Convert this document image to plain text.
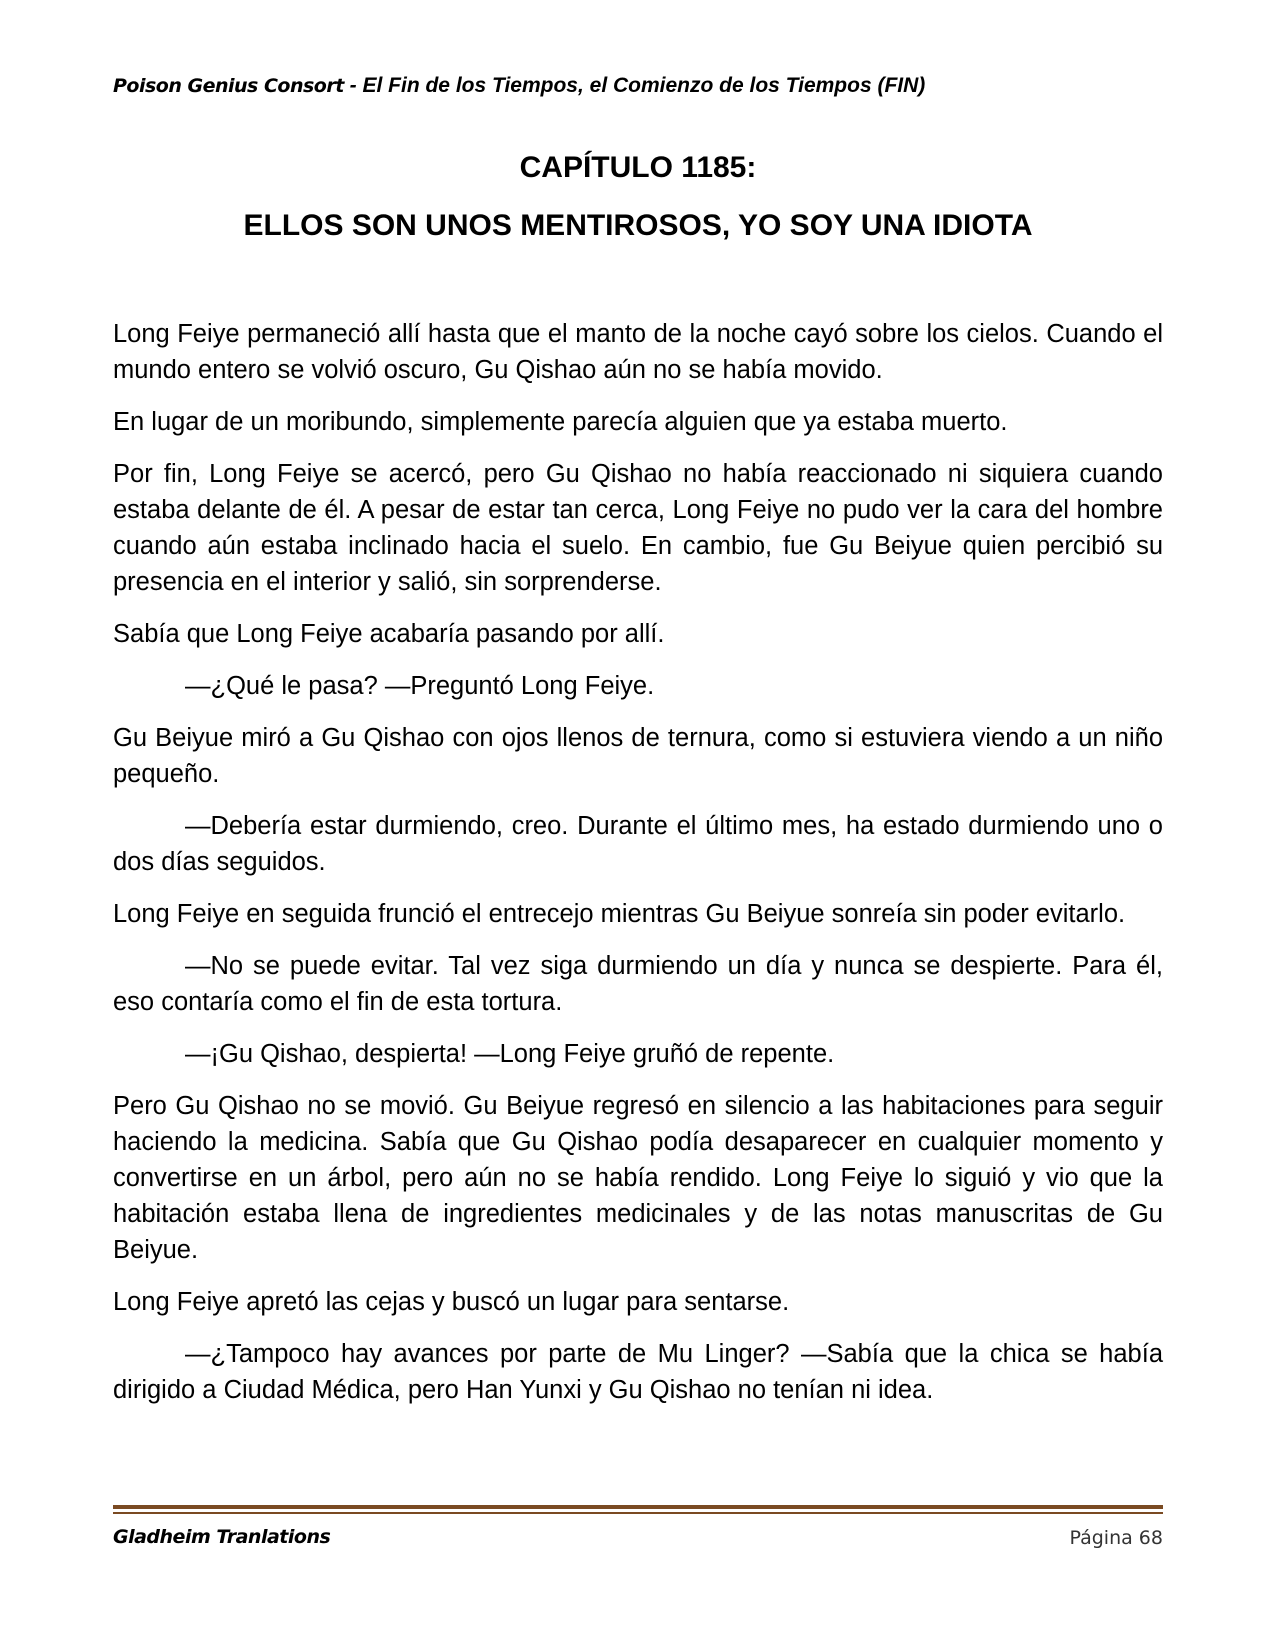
Poison Genius Consort - El Fin de los Tiempos, el Comienzo de los Tiempos (FIN)

CAPÍTULO 1185:

ELLOS SON UNOS MENTIROSOS, YO SOY UNA IDIOTA

Long Feiye permaneció allí hasta que el manto de la noche cayó sobre los cielos. Cuando el mundo entero se volvió oscuro, Gu Qishao aún no se había movido.

En lugar de un moribundo, simplemente parecía alguien que ya estaba muerto.

Por fin, Long Feiye se acercó, pero Gu Qishao no había reaccionado ni siquiera cuando estaba delante de él. A pesar de estar tan cerca, Long Feiye no pudo ver la cara del hombre cuando aún estaba inclinado hacia el suelo. En cambio, fue Gu Beiyue quien percibió su presencia en el interior y salió, sin sorprenderse.

Sabía que Long Feiye acabaría pasando por allí.

—¿Qué le pasa? —Preguntó Long Feiye.

Gu Beiyue miró a Gu Qishao con ojos llenos de ternura, como si estuviera viendo a un niño pequeño.

—Debería estar durmiendo, creo. Durante el último mes, ha estado durmiendo uno o dos días seguidos.

Long Feiye en seguida frunció el entrecejo mientras Gu Beiyue sonreía sin poder evitarlo.

—No se puede evitar. Tal vez siga durmiendo un día y nunca se despierte. Para él, eso contaría como el fin de esta tortura.

—¡Gu Qishao, despierta! —Long Feiye gruñó de repente.

Pero Gu Qishao no se movió. Gu Beiyue regresó en silencio a las habitaciones para seguir haciendo la medicina. Sabía que Gu Qishao podía desaparecer en cualquier momento y convertirse en un árbol, pero aún no se había rendido. Long Feiye lo siguió y vio que la habitación estaba llena de ingredientes medicinales y de las notas manuscritas de Gu Beiyue.

Long Feiye apretó las cejas y buscó un lugar para sentarse.

—¿Tampoco hay avances por parte de Mu Linger? —Sabía que la chica se había dirigido a Ciudad Médica, pero Han Yunxi y Gu Qishao no tenían ni idea.

Gladheim Tranlations	Página 68
